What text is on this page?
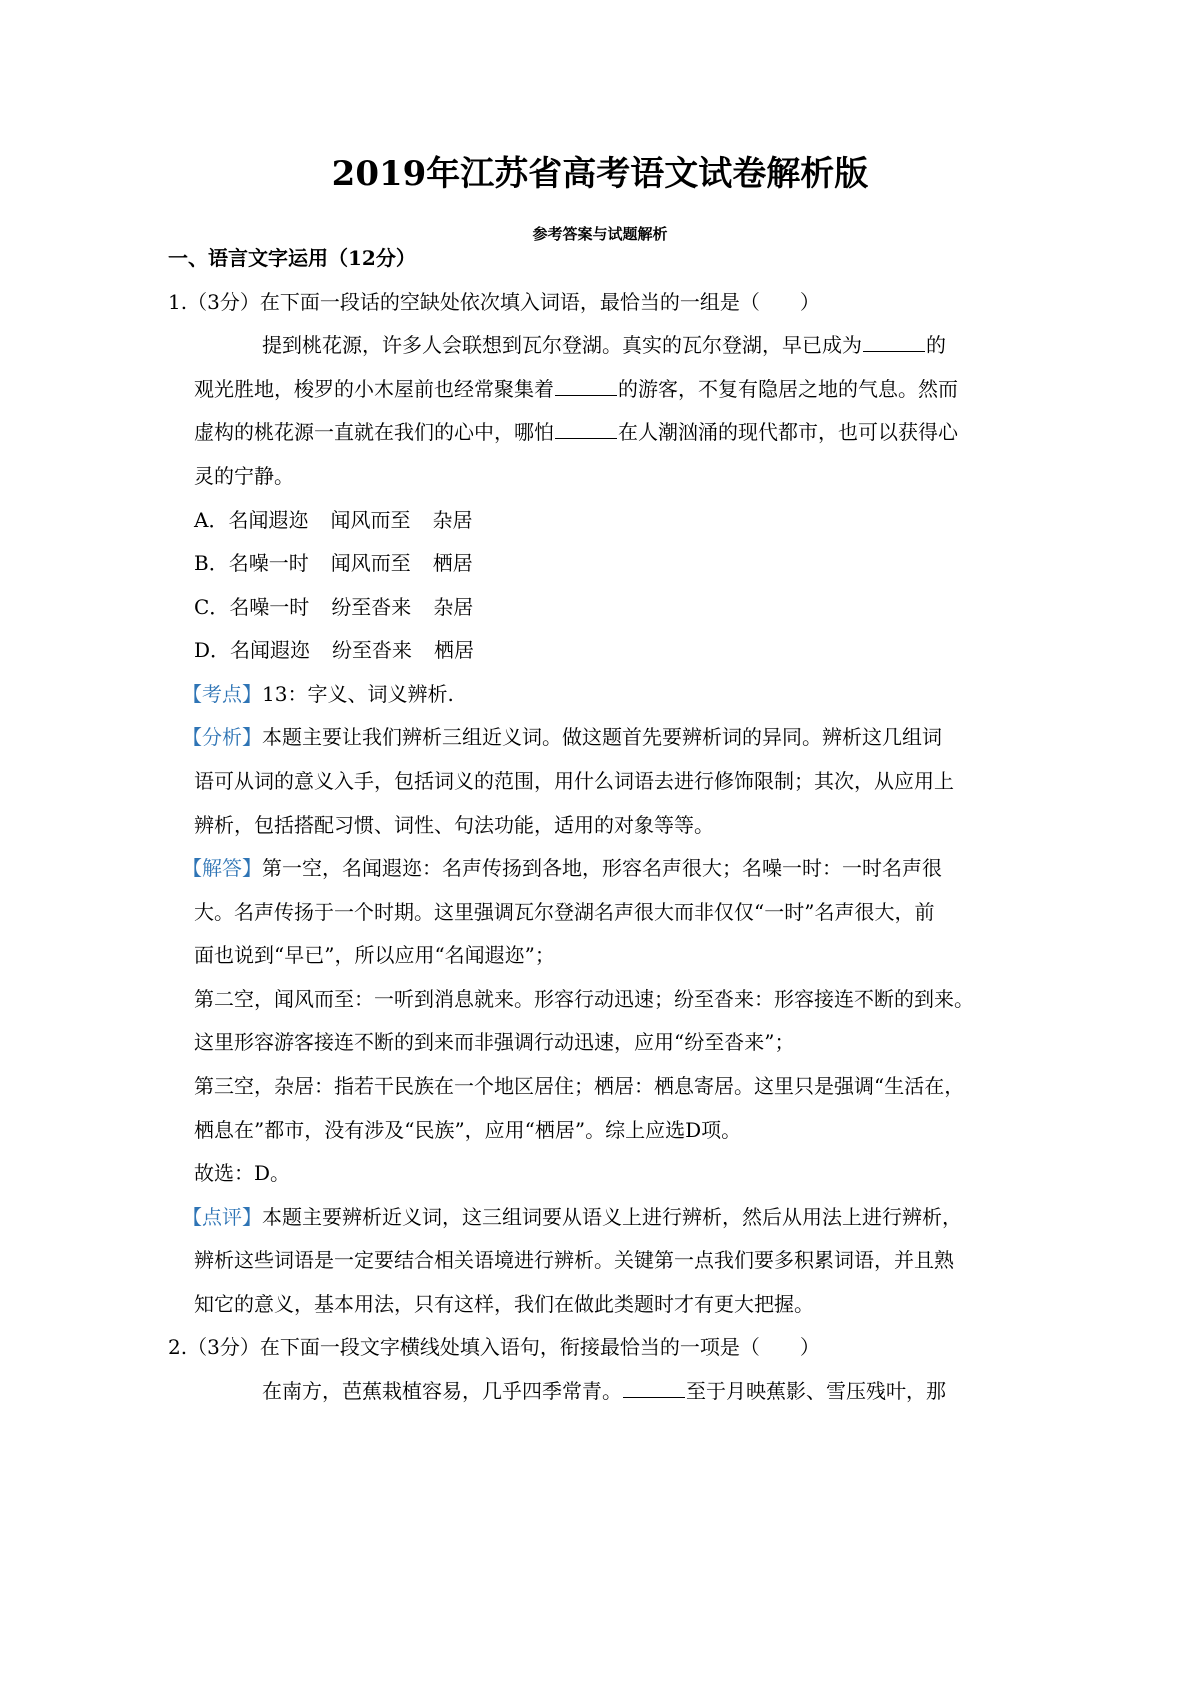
2019年江苏省高考语文试卷解析版
参考答案与试题解析
一、语言文字运用（12分）
1.（3分）在下面一段话的空缺处依次填入词语，最恰当的一组是（　　）
提到桃花源，许多人会联想到瓦尔登湖。真实的瓦尔登湖，早已成为	的
观光胜地，梭罗的小木屋前也经常聚集着	的游客，不复有隐居之地的气息。然而
虚构的桃花源一直就在我们的心中，哪怕	在人潮汹涌的现代都市，也可以获得心
灵的宁静。
A．名闻遐迩 闻风而至 杂居
B．名噪一时 闻风而至 栖居
C．名噪一时 纷至沓来 杂居
D．名闻遐迩 纷至沓来 栖居
【考点】13：字义、词义辨析.
【分析】本题主要让我们辨析三组近义词。做这题首先要辨析词的异同。辨析这几组词
语可从词的意义入手，包括词义的范围，用什么词语去进行修饰限制；其次，从应用上
辨析，包括搭配习惯、词性、句法功能，适用的对象等等。
【解答】第一空，名闻遐迩：名声传扬到各地，形容名声很大；名噪一时：一时名声很
大。名声传扬于一个时期。这里强调瓦尔登湖名声很大而非仅仅“一时”名声很大，前
面也说到“早已”，所以应用“名闻遐迩”；
第二空，闻风而至：一听到消息就来。形容行动迅速；纷至沓来：形容接连不断的到来。
这里形容游客接连不断的到来而非强调行动迅速，应用“纷至沓来”；
第三空，杂居：指若干民族在一个地区居住；栖居：栖息寄居。这里只是强调“生活在，
栖息在”都市，没有涉及“民族”，应用“栖居”。综上应选D项。
故选：D。
【点评】本题主要辨析近义词，这三组词要从语义上进行辨析，然后从用法上进行辨析，
辨析这些词语是一定要结合相关语境进行辨析。关键第一点我们要多积累词语，并且熟
知它的意义，基本用法，只有这样，我们在做此类题时才有更大把握。
2.（3分）在下面一段文字横线处填入语句，衔接最恰当的一项是（　　）
在南方，芭蕉栽植容易，几乎四季常青。	至于月映蕉影、雪压残叶，那
